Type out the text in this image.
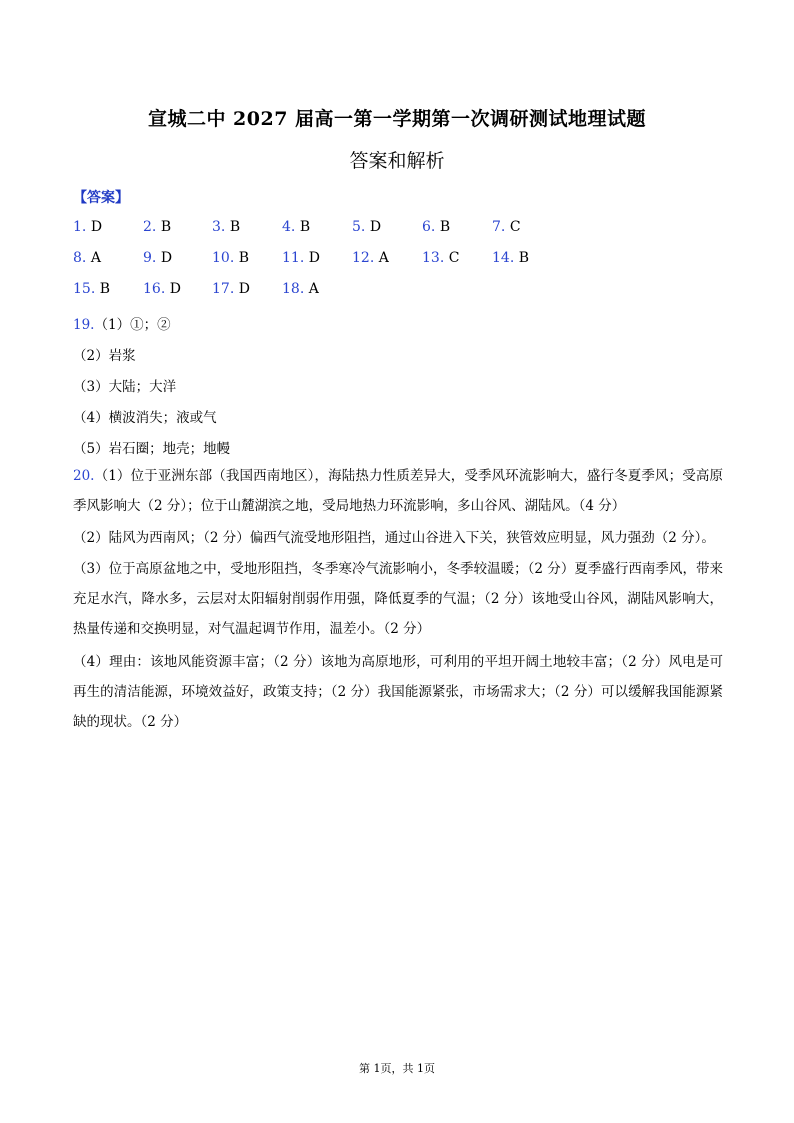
宣城二中 2027 届高一第一学期第一次调研测试地理试题
答案和解析
【答案】
1. D	2. B	3. B	4. B	5. D	6. B	7. C
8. A	9. D	10. B 11. D 12. A 13. C 14. B
15. B 16. D 17. D 18. A
19.（1）①；②
（2）岩浆
（3）大陆；大洋
（4）横波消失；液或气
（5）岩石圈；地壳；地幔
20.（1）位于亚洲东部（我国西南地区），海陆热力性质差异大，受季风环流影响大，盛行冬夏季风；受高原季风影响大（2 分）；位于山麓湖滨之地，受局地热力环流影响，多山谷风、湖陆风。（4 分）
（2）陆风为西南风；（2 分）偏西气流受地形阻挡，通过山谷进入下关，狭管效应明显，风力强劲（2 分）。
（3）位于高原盆地之中，受地形阻挡，冬季寒冷气流影响小，冬季较温暖；（2 分）夏季盛行西南季风，带来充足水汽，降水多，云层对太阳辐射削弱作用强，降低夏季的气温；（2 分）该地受山谷风，湖陆风影响大，热量传递和交换明显，对气温起调节作用，温差小。（2 分）
（4）理由：该地风能资源丰富；（2 分）该地为高原地形，可利用的平坦开阔土地较丰富；（2 分）风电是可再生的清洁能源，环境效益好，政策支持；（2 分）我国能源紧张，市场需求大；（2 分）可以缓解我国能源紧缺的现状。（2 分）
第 1页，共 1页
